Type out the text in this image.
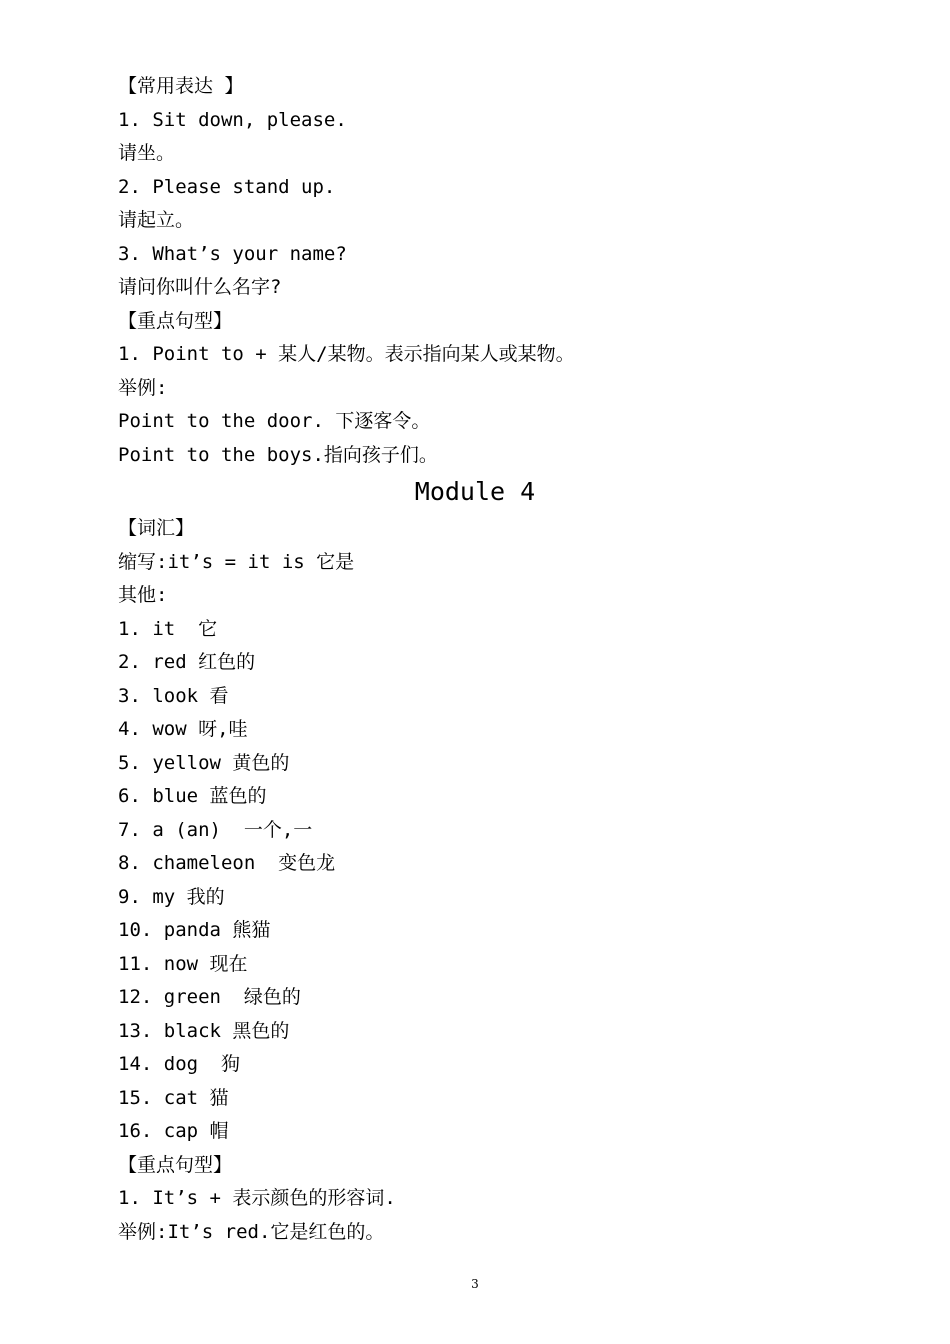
【常用表达 】
1. Sit down, please.
请坐。
2. Please stand up.
请起立。
3. What’s your name?
请问你叫什么名字?
【重点句型】
1. Point to + 某人/某物。表示指向某人或某物。
举例:
Point to the door. 下逐客令。
Point to the boys.指向孩子们。
Module 4
【词汇】
缩写:it’s = it is 它是
其他:
1. it  它
2. red 红色的
3. look 看
4. wow 呀,哇
5. yellow 黄色的
6. blue 蓝色的
7. a (an)  一个,一
8. chameleon  变色龙
9. my 我的
10. panda 熊猫
11. now 现在
12. green  绿色的
13. black 黑色的
14. dog  狗
15. cat 猫
16. cap 帽
【重点句型】
1. It’s + 表示颜色的形容词.
举例:It’s red.它是红色的。
3
